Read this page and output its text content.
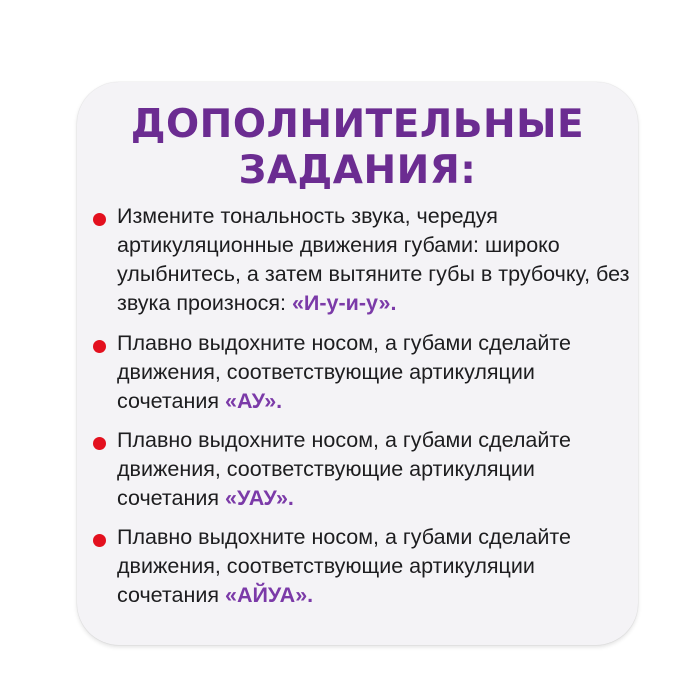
ДОПОЛНИТЕЛЬНЫЕ
ЗАДАНИЯ:
Измените тональность звука, чередуя артикуляционные движения губами: широко улыбнитесь, а затем вытяните губы в трубочку, без звука произнося: «И-у-и-у».
Плавно выдохните носом, а губами сделайте движения, соответствующие артикуляции сочетания «АУ».
Плавно выдохните носом, а губами сделайте движения, соответствующие артикуляции сочетания «УАУ».
Плавно выдохните носом, а губами сделайте движения, соответствующие артикуляции сочетания «АЙУА».
